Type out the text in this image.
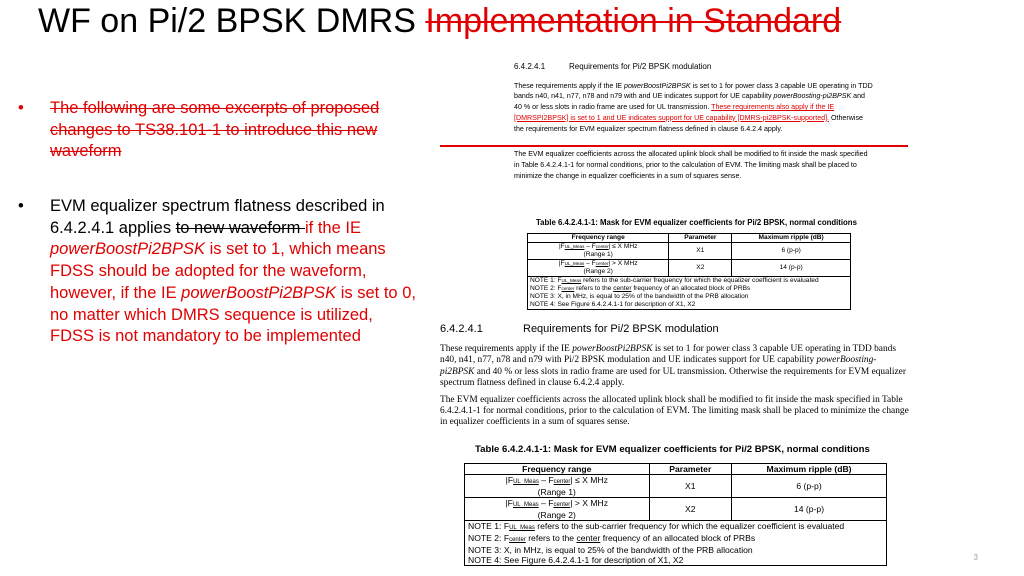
WF on Pi/2 BPSK DMRS Implementation in Standard
• The following are some excerpts of proposed changes to TS38.101-1 to introduce this new waveform
• EVM equalizer spectrum flatness described in 6.4.2.4.1 applies to new waveform if the IE powerBoostPi2BPSK is set to 1, which means FDSS should be adopted for the waveform, however, if the IE powerBoostPi2BPSK is set to 0, no matter which DMRS sequence is utilized, FDSS is not mandatory to be implemented
6.4.2.4.1	Requirements for Pi/2 BPSK modulation
These requirements apply if the IE powerBoostPi2BPSK is set to 1 for power class 3 capable UE operating in TDD bands n40, n41, n77, n78 and n79 with and UE indicates support for UE capability powerBoosting-pi2BPSK and 40 % or less slots in radio frame are used for UL transmission. These requirements also apply if the IE [DMRSPI2BPSK] is set to 1 and UE indicates support for UE capability [DMRS-pi2BPSK-supported]. Otherwise the requirements for EVM equalizer spectrum flatness defined in clause 6.4.2.4 apply.
The EVM equalizer coefficients across the allocated uplink block shall be modified to fit inside the mask specified in Table 6.4.2.4.1-1 for normal conditions, prior to the calculation of EVM. The limiting mask shall be placed to minimize the change in equalizer coefficients in a sum of squares sense.
Table 6.4.2.4.1-1: Mask for EVM equalizer coefficients for Pi/2 BPSK, normal conditions
Frequency range	Parameter	Maximum ripple (dB)
|FUL_Meas – Fcenter| ≤ X MHz
(Range 1)	X1	6 (p-p)
|FUL_Meas – Fcenter| > X MHz
(Range 2)	X2	14 (p-p)

NOTE 1: FUL_Meas refers to the sub-carrier frequency for which the equalizer coefficient is evaluated
NOTE 2: Fcenter refers to the center frequency of an allocated block of PRBs
NOTE 3: X, in MHz, is equal to 25% of the bandwidth of the PRB allocation
NOTE 4: See Figure 6.4.2.4.1-1 for description of X1, X2		
6.4.2.4.1	Requirements for Pi/2 BPSK modulation

These requirements apply if the IE powerBoostPi2BPSK is set to 1 for power class 3 capable UE operating in TDD bands n40, n41, n77, n78 and n79 with Pi/2 BPSK modulation and UE indicates support for UE capability powerBoosting-pi2BPSK and 40 % or less slots in radio frame are used for UL transmission. Otherwise the requirements for EVM equalizer spectrum flatness defined in clause 6.4.2.4 apply.

The EVM equalizer coefficients across the allocated uplink block shall be modified to fit inside the mask specified in Table 6.4.2.4.1-1 for normal conditions, prior to the calculation of EVM. The limiting mask shall be placed to minimize the change in equalizer coefficients in a sum of squares sense.

Table 6.4.2.4.1-1: Mask for EVM equalizer coefficients for Pi/2 BPSK, normal conditions
Frequency range	Parameter	Maximum ripple (dB)
|FUL_Meas – Fcenter| ≤ X MHz
(Range 1)	X1	6 (p-p)
|FUL_Meas – Fcenter| > X MHz
(Range 2)	X2	14 (p-p)

NOTE 1: FUL_Meas refers to the sub-carrier frequency for which the equalizer coefficient is evaluated
NOTE 2: Fcenter refers to the center frequency of an allocated block of PRBs
NOTE 3: X, in MHz, is equal to 25% of the bandwidth of the PRB allocation
NOTE 4: See Figure 6.4.2.4.1-1 for description of X1, X2			3
